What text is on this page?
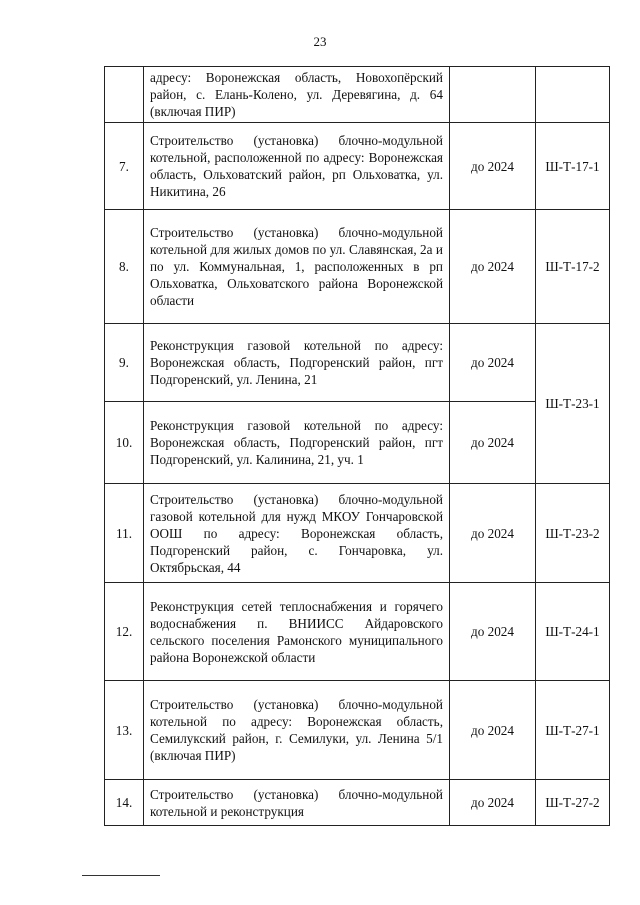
23

	адресу: Воронежская область, Новохопёрский район, с. Елань-Колено, ул. Деревягина, д. 64 (включая ПИР)		

7.	Строительство (установка) блочно-модульной котельной, расположенной по адресу: Воронежская область, Ольховатский район, рп Ольховатка, ул. Никитина, 26	до 2024	Ш-Т-17-1
8.	Строительство (установка) блочно-модульной котельной для жилых домов по ул. Славянская, 2а и по ул. Коммунальная, 1, расположенных в рп Ольховатка, Ольховатского района Воронежской области	до 2024	Ш-Т-17-2
9.	Реконструкция газовой котельной по адресу: Воронежская область, Подгоренский район, пгт Подгоренский, ул. Ленина, 21	до 2024	Ш-Т-23-1
10.	Реконструкция газовой котельной по адресу: Воронежская область, Подгоренский район, пгт Подгоренский, ул. Калинина, 21, уч. 1	до 2024	
11.	Строительство (установка) блочно-модульной газовой котельной для нужд МКОУ Гончаровской ООШ по адресу: Воронежская область, Подгоренский район, с. Гончаровка, ул. Октябрьская, 44	до 2024	Ш-Т-23-2
12.	Реконструкция сетей теплоснабжения и горячего водоснабжения п. ВНИИСС Айдаровского сельского поселения Рамонского муниципального района Воронежской области	до 2024	Ш-Т-24-1
13.	Строительство (установка) блочно-модульной котельной по адресу: Воронежская область, Семилукский район, г. Семилуки, ул. Ленина 5/1 (включая ПИР)	до 2024	Ш-Т-27-1
14.	Строительство (установка) блочно-модульной котельной и реконструкция	до 2024	Ш-Т-27-2
